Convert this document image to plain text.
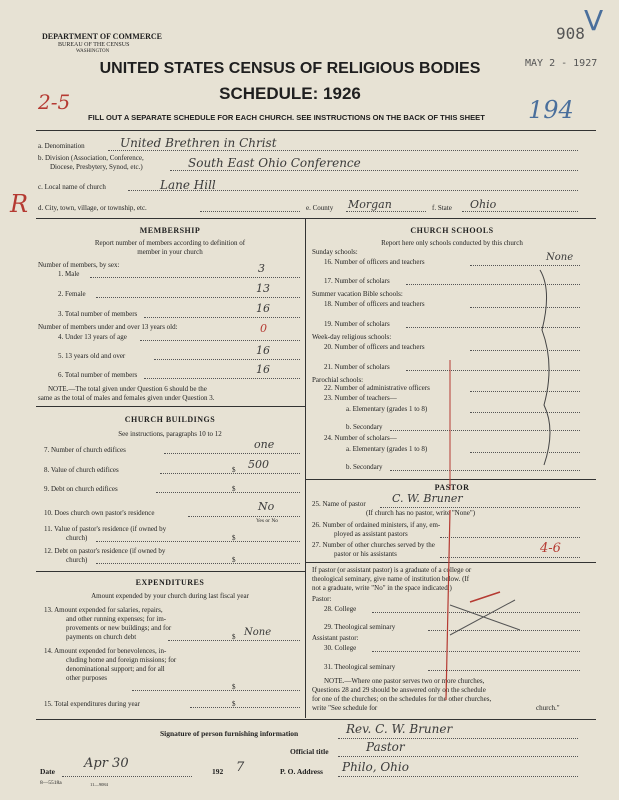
DEPARTMENT OF COMMERCE
BUREAU OF THE CENSUS
WASHINGTON
UNITED STATES CENSUS OF RELIGIOUS BODIES
SCHEDULE: 1926
FILL OUT A SEPARATE SCHEDULE FOR EACH CHURCH. SEE INSTRUCTIONS ON THE BACK OF THIS SHEET
908 V
MAY 2 - 1927
2-5	194
R
a. Denomination	United Brethren in Christ
b. Division (Association, Conference,
Diocese, Presbytery, Synod, etc.)	South East Ohio Conference
c. Local name of church	Lane Hill
d. City, town, village, or township, etc.	e. County Morgan	f. State Ohio
MEMBERSHIP
Report number of members according to definition of
member in your church
Number of members, by sex:
1. Male	3
2. Female	13
3. Total number of members	16
Number of members under and over 13 years old:
4. Under 13 years of age
0
5. 13 years old and over	16
6. Total number of members	16
NOTE.—The total given under Question 6 should be the
same as the total of males and females given under Question 3.
CHURCH BUILDINGS
See instructions, paragraphs 10 to 12
7. Number of church edifices	one
8. Value of church edifices	$ 500
9. Debt on church edifices	$
10. Does church own pastor's residence	No
Yes or No
11. Value of pastor's residence (if owned by
church)	$
12. Debt on pastor's residence (if owned by
church)	$
EXPENDITURES
Amount expended by your church during last fiscal year
13. Amount expended for salaries, repairs,
and other running expenses; for im-
provements or new buildings; and for
payments on church debt	$ None
14. Amount expended for benevolences, in-
cluding home and foreign missions; for
denominational support; and for all
other purposes
$
15. Total expenditures during year	$
CHURCH SCHOOLS
Report here only schools conducted by this church
Sunday schools:
16. Number of officers and teachers	None
17. Number of scholars
Summer vacation Bible schools:
18. Number of officers and teachers
19. Number of scholars
Week-day religious schools:
20. Number of officers and teachers
21. Number of scholars
Parochial schools:
22. Number of administrative officers
23. Number of teachers—
a. Elementary (grades 1 to 8)
b. Secondary
24. Number of scholars—
a. Elementary (grades 1 to 8)
b. Secondary
PASTOR
25. Name of pastor C. W. Bruner
(If church has no pastor, write "None")
26. Number of ordained ministers, if any, em-
ployed as assistant pastors
27. Number of other churches served by the
pastor or his assistants	4-6
If pastor (or assistant pastor) is a graduate of a college or
theological seminary, give name of institution below. (If
not a graduate, write "No" in the space indicated.)
Pastor:
28. College
29. Theological seminary
Assistant pastor:
30. College
31. Theological seminary
NOTE.—Where one pastor serves two or more churches,
Questions 28 and 29 should be answered only on the schedule
for one of the churches; on the schedules for the other churches,
write "See schedule for	church."
Signature of person furnishing information	Rev. C. W. Bruner
Official title	Pastor
Date
Apr 30
192 7	P. O. Address Philo, Ohio
8—5518a	11—9084
